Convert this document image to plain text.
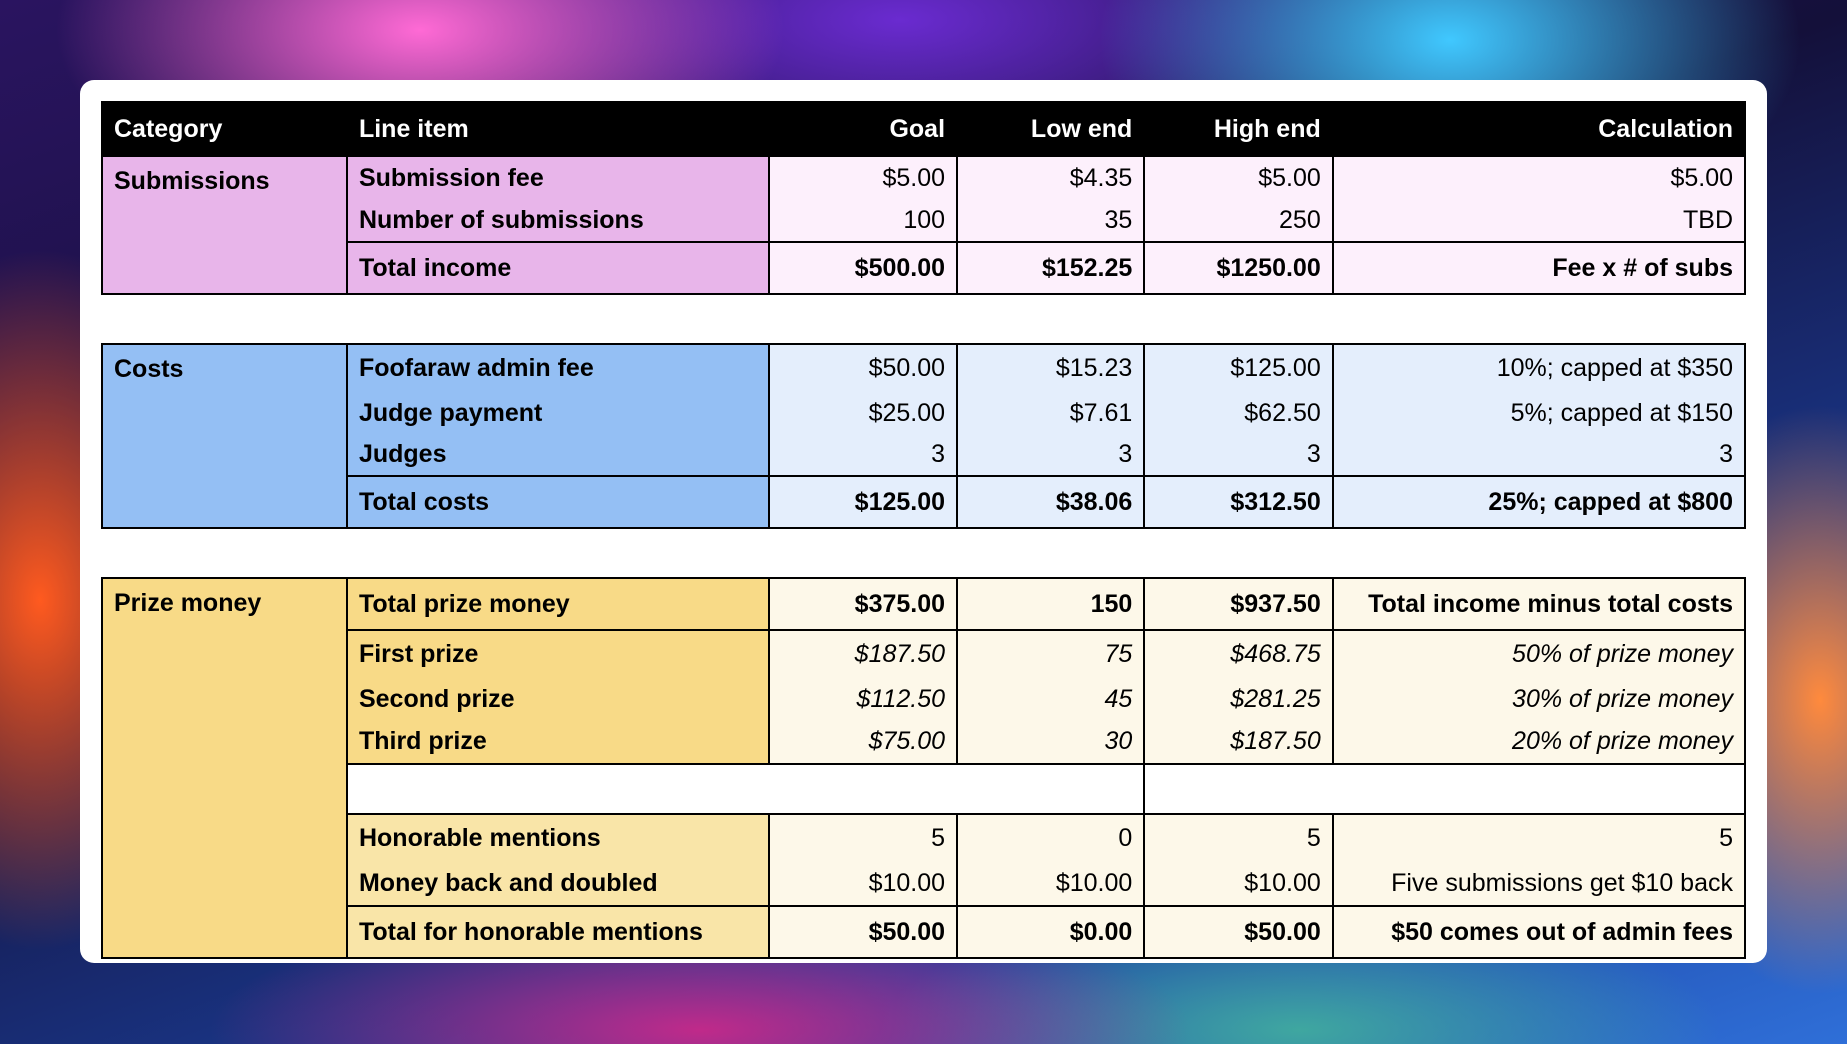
Category	Line item	Goal	Low end	High end	Calculation
Submissions	Submission fee	$5.00	$4.35	$5.00	$5.00
	Number of submissions	100	35	250	TBD
	Total income	$500.00	$152.25	$1250.00	Fee x # of subs

Costs	Foofaraw admin fee	$50.00	$15.23	$125.00	10%; capped at $350
	Judge payment	$25.00	$7.61	$62.50	5%; capped at $150
	Judges	3	3	3	3
	Total costs	$125.00	$38.06	$312.50	25%; capped at $800

Prize money	Total prize money	$375.00	150	$937.50	Total income minus total costs
	First prize	$187.50	75	$468.75	50% of prize money
	Second prize	$112.50	45	$281.25	30% of prize money
	Third prize	$75.00	30	$187.50	20% of prize money

	Honorable mentions	5	0	5	5
	Money back and doubled	$10.00	$10.00	$10.00	Five submissions get $10 back
	Total for honorable mentions	$50.00	$0.00	$50.00	$50 comes out of admin fees
